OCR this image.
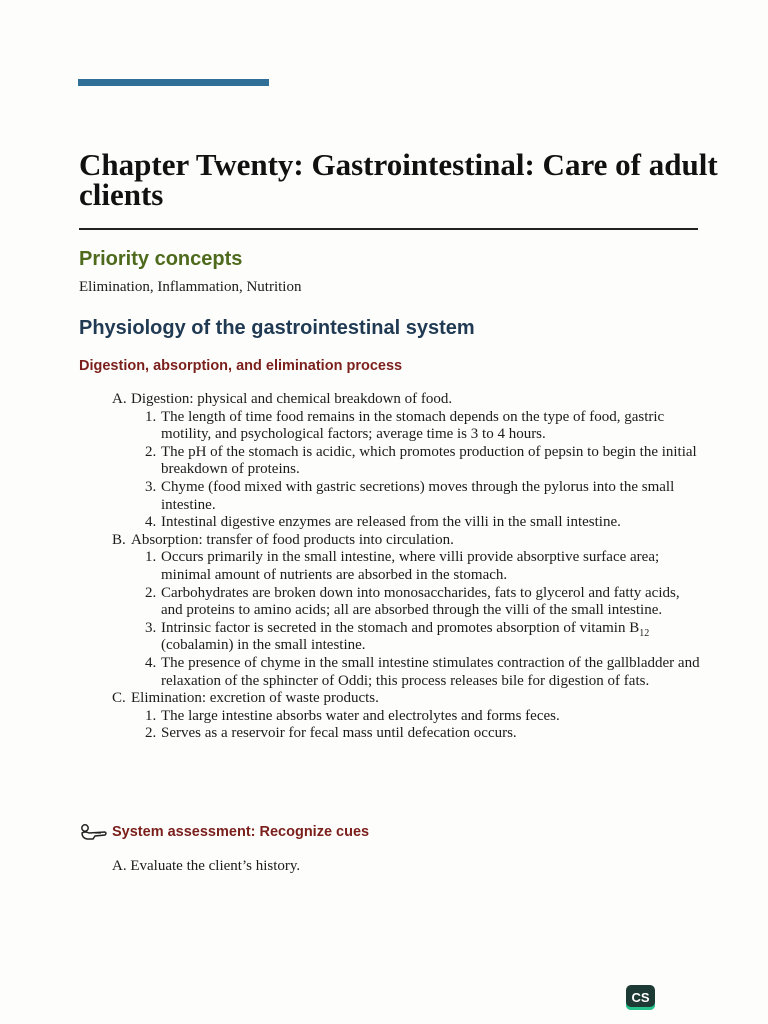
Chapter Twenty: Gastrointestinal: Care of adult clients
Priority concepts

Elimination, Inflammation, Nutrition

Physiology of the gastrointestinal system
Digestion, absorption, and elimination process
A. Digestion: physical and chemical breakdown of food.
1. The length of time food remains in the stomach depends on the type of food, gastric motility, and psychological factors; average time is 3 to 4 hours.
2. The pH of the stomach is acidic, which promotes production of pepsin to begin the initial breakdown of proteins.
3. Chyme (food mixed with gastric secretions) moves through the pylorus into the small intestine.
4. Intestinal digestive enzymes are released from the villi in the small intestine.
B. Absorption: transfer of food products into circulation.
1. Occurs primarily in the small intestine, where villi provide absorptive surface area; minimal amount of nutrients are absorbed in the stomach.
2. Carbohydrates are broken down into monosaccharides, fats to glycerol and fatty acids, and proteins to amino acids; all are absorbed through the villi of the small intestine.
3. Intrinsic factor is secreted in the stomach and promotes absorption of vitamin $B_{12}$ (cobalamin) in the small intestine.
4. The presence of chyme in the small intestine stimulates contraction of the gallbladder and relaxation of the sphincter of Oddi; this process releases bile for digestion of fats.
C. Elimination: excretion of waste products.
1. The large intestine absorbs water and electrolytes and forms feces.
2. Serves as a reservoir for fecal mass until defecation occurs.
System assessment: Recognize cues

A. Evaluate the client’s history.

CS
